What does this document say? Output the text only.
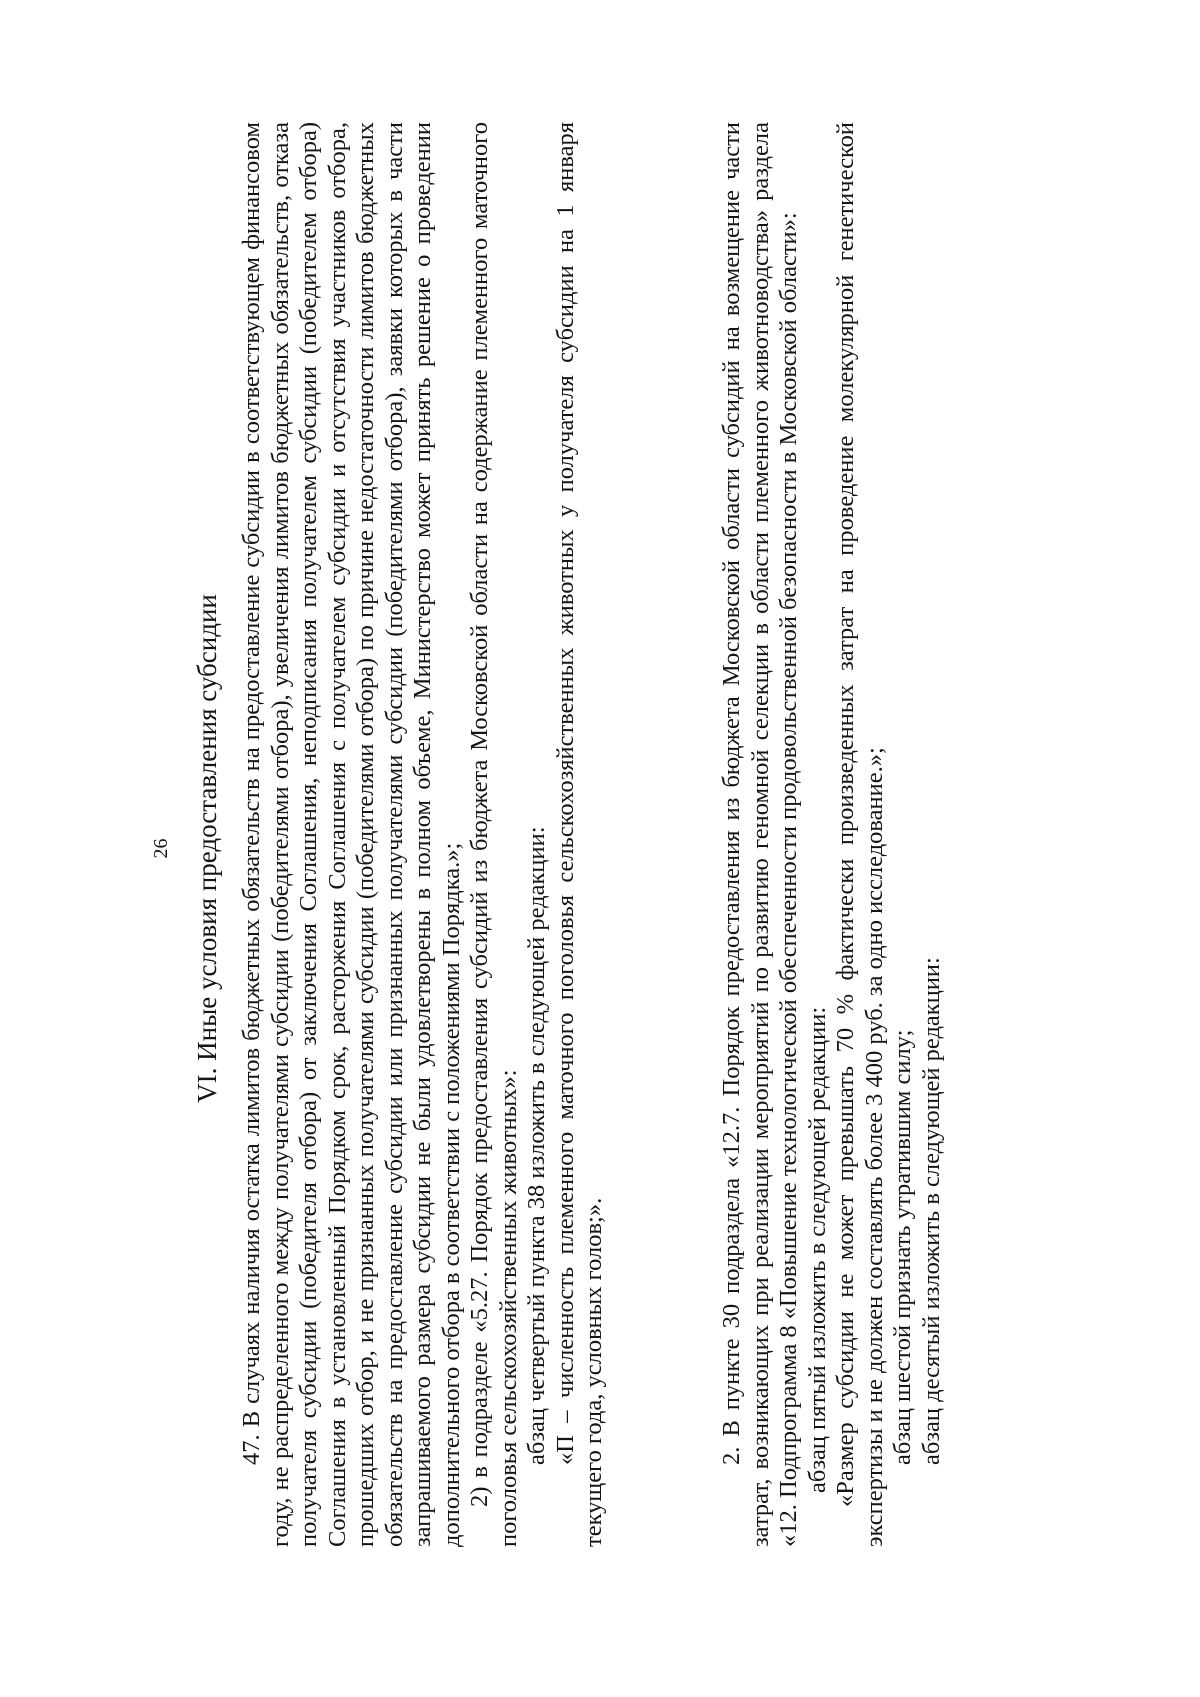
26 VI. Иные условия предоставления субсидии 47. В случаях наличия остатка лимитов бюджетных обязательств на предоставление субсидии в соответствующем финансовом году, не распределенного между получателями субсидии (победителями отбора), увеличения лимитов бюджетных обязательств, отказа получателя субсидии (победителя отбора) от заключения Соглашения, неподписания получателем субсидии (победителем отбора) Соглашения в установленный Порядком срок, расторжения Соглашения с получателем субсидии и отсутствия участников отбора, прошедших отбор, и не признанных получателями субсидии (победителями отбора) по причине недостаточности лимитов бюджетных обязательств на предоставление субсидии или признанных получателями субсидии (победителями отбора), заявки которых в части запрашиваемого размера субсидии не были удовлетворены в полном объеме, Министерство может принять решение о проведении дополнительного отбора в соответствии с положениями Порядка.»; 2) в подразделе «5.27. Порядок предоставления субсидий из бюджета Московской области на содержание племенного маточного поголовья сельскохозяйственных животных»: абзац четвертый пункта 38 изложить в следующей редакции: «П – численность племенного маточного поголовья сельскохозяйственных животных у получателя субсидии на 1 января текущего года, условных голов;».	2. В пункте 30 подраздела «12.7. Порядок предоставления из бюджета Московской области субсидий на возмещение части затрат, возникающих при реализации мероприятий по развитию геномной селекции в области племенного животноводства» раздела «12. Подпрограмма 8 «Повышение технологической обеспеченности продовольственной безопасности в Московской области»: абзац пятый изложить в следующей редакции: «Размер субсидии не может превышать 70 % фактически произведенных затрат на проведение молекулярной генетической экспертизы и не должен составлять более 3 400 руб. за одно исследование.»; абзац шестой признать утратившим силу; абзац десятый изложить в следующей редакции:
